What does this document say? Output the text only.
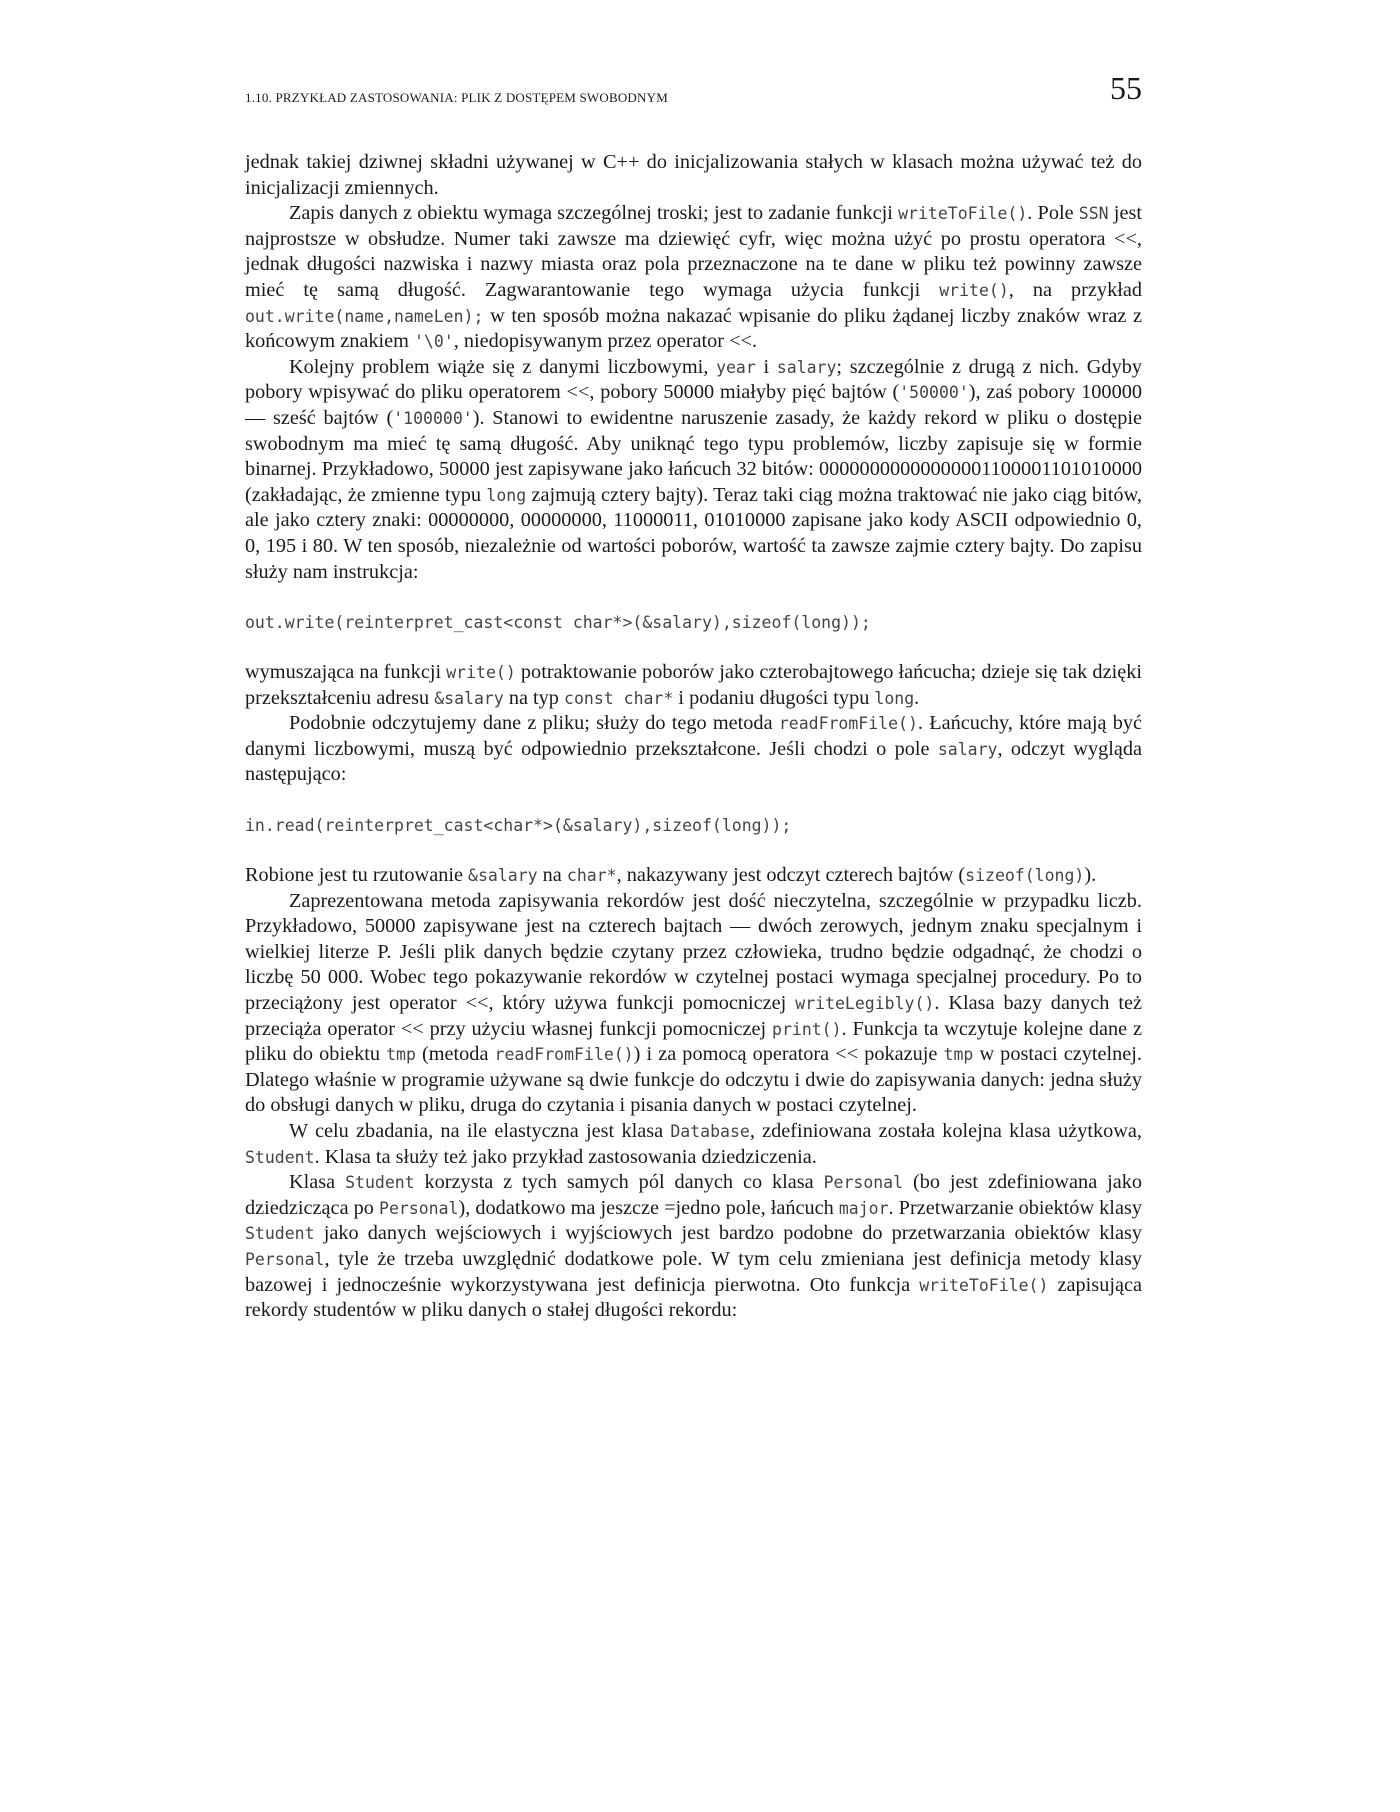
1.10. PRZYKŁAD ZASTOSOWANIA: PLIK Z DOSTĘPEM SWOBODNYM	55

jednak takiej dziwnej składni używanej w C++ do inicjalizowania stałych w klasach można używać też do inicjalizacji zmiennych.

Zapis danych z obiektu wymaga szczególnej troski; jest to zadanie funkcji writeToFile(). Pole SSN jest najprostsze w obsłudze. Numer taki zawsze ma dziewięć cyfr, więc można użyć po prostu operatora <<, jednak długości nazwiska i nazwy miasta oraz pola przeznaczone na te dane w pliku też powinny zawsze mieć tę samą długość. Zagwarantowanie tego wymaga użycia funkcji write(), na przykład out.write(name,nameLen); w ten sposób można nakazać wpisanie do pliku żądanej liczby znaków wraz z końcowym znakiem '\0', niedopisywanym przez operator <<.

Kolejny problem wiąże się z danymi liczbowymi, year i salary; szczególnie z drugą z nich. Gdyby pobory wpisywać do pliku operatorem <<, pobory 50000 miałyby pięć bajtów ('50000'), zaś pobory 100000 — sześć bajtów ('100000'). Stanowi to ewidentne naruszenie zasady, że każdy rekord w pliku o dostępie swobodnym ma mieć tę samą długość. Aby uniknąć tego typu problemów, liczby zapisuje się w formie binarnej. Przykładowo, 50000 jest zapisywane jako łańcuch 32 bitów: 00000000000000001100001101010000 (zakładając, że zmienne typu long zajmują cztery bajty). Teraz taki ciąg można traktować nie jako ciąg bitów, ale jako cztery znaki: 00000000, 00000000, 11000011, 01010000 zapisane jako kody ASCII odpowiednio 0, 0, 195 i 80. W ten sposób, niezależnie od wartości poborów, wartość ta zawsze zajmie cztery bajty. Do zapisu służy nam instrukcja:

out.write(reinterpret_cast<const char*>(&salary),sizeof(long));

wymuszająca na funkcji write() potraktowanie poborów jako czterobajtowego łańcucha; dzieje się tak dzięki przekształceniu adresu &salary na typ const char* i podaniu długości typu long.

Podobnie odczytujemy dane z pliku; służy do tego metoda readFromFile(). Łańcuchy, które mają być danymi liczbowymi, muszą być odpowiednio przekształcone. Jeśli chodzi o pole salary, odczyt wygląda następująco:

in.read(reinterpret_cast<char*>(&salary),sizeof(long));

Robione jest tu rzutowanie &salary na char*, nakazywany jest odczyt czterech bajtów (sizeof(long)).

Zaprezentowana metoda zapisywania rekordów jest dość nieczytelna, szczególnie w przypadku liczb. Przykładowo, 50000 zapisywane jest na czterech bajtach — dwóch zerowych, jednym znaku specjalnym i wielkiej literze P. Jeśli plik danych będzie czytany przez człowieka, trudno będzie odgadnąć, że chodzi o liczbę 50 000. Wobec tego pokazywanie rekordów w czytelnej postaci wymaga specjalnej procedury. Po to przeciążony jest operator <<, który używa funkcji pomocniczej writeLegibly(). Klasa bazy danych też przeciąża operator << przy użyciu własnej funkcji pomocniczej print(). Funkcja ta wczytuje kolejne dane z pliku do obiektu tmp (metoda readFromFile()) i za pomocą operatora << pokazuje tmp w postaci czytelnej. Dlatego właśnie w programie używane są dwie funkcje do odczytu i dwie do zapisywania danych: jedna służy do obsługi danych w pliku, druga do czytania i pisania danych w postaci czytelnej.

W celu zbadania, na ile elastyczna jest klasa Database, zdefiniowana została kolejna klasa użytkowa, Student. Klasa ta służy też jako przykład zastosowania dziedziczenia.

Klasa Student korzysta z tych samych pól danych co klasa Personal (bo jest zdefiniowana jako dziedzicząca po Personal), dodatkowo ma jeszcze =jedno pole, łańcuch major. Przetwarzanie obiektów klasy Student jako danych wejściowych i wyjściowych jest bardzo podobne do przetwarzania obiektów klasy Personal, tyle że trzeba uwzględnić dodatkowe pole. W tym celu zmieniana jest definicja metody klasy bazowej i jednocześnie wykorzystywana jest definicja pierwotna. Oto funkcja writeToFile() zapisująca rekordy studentów w pliku danych o stałej długości rekordu:
